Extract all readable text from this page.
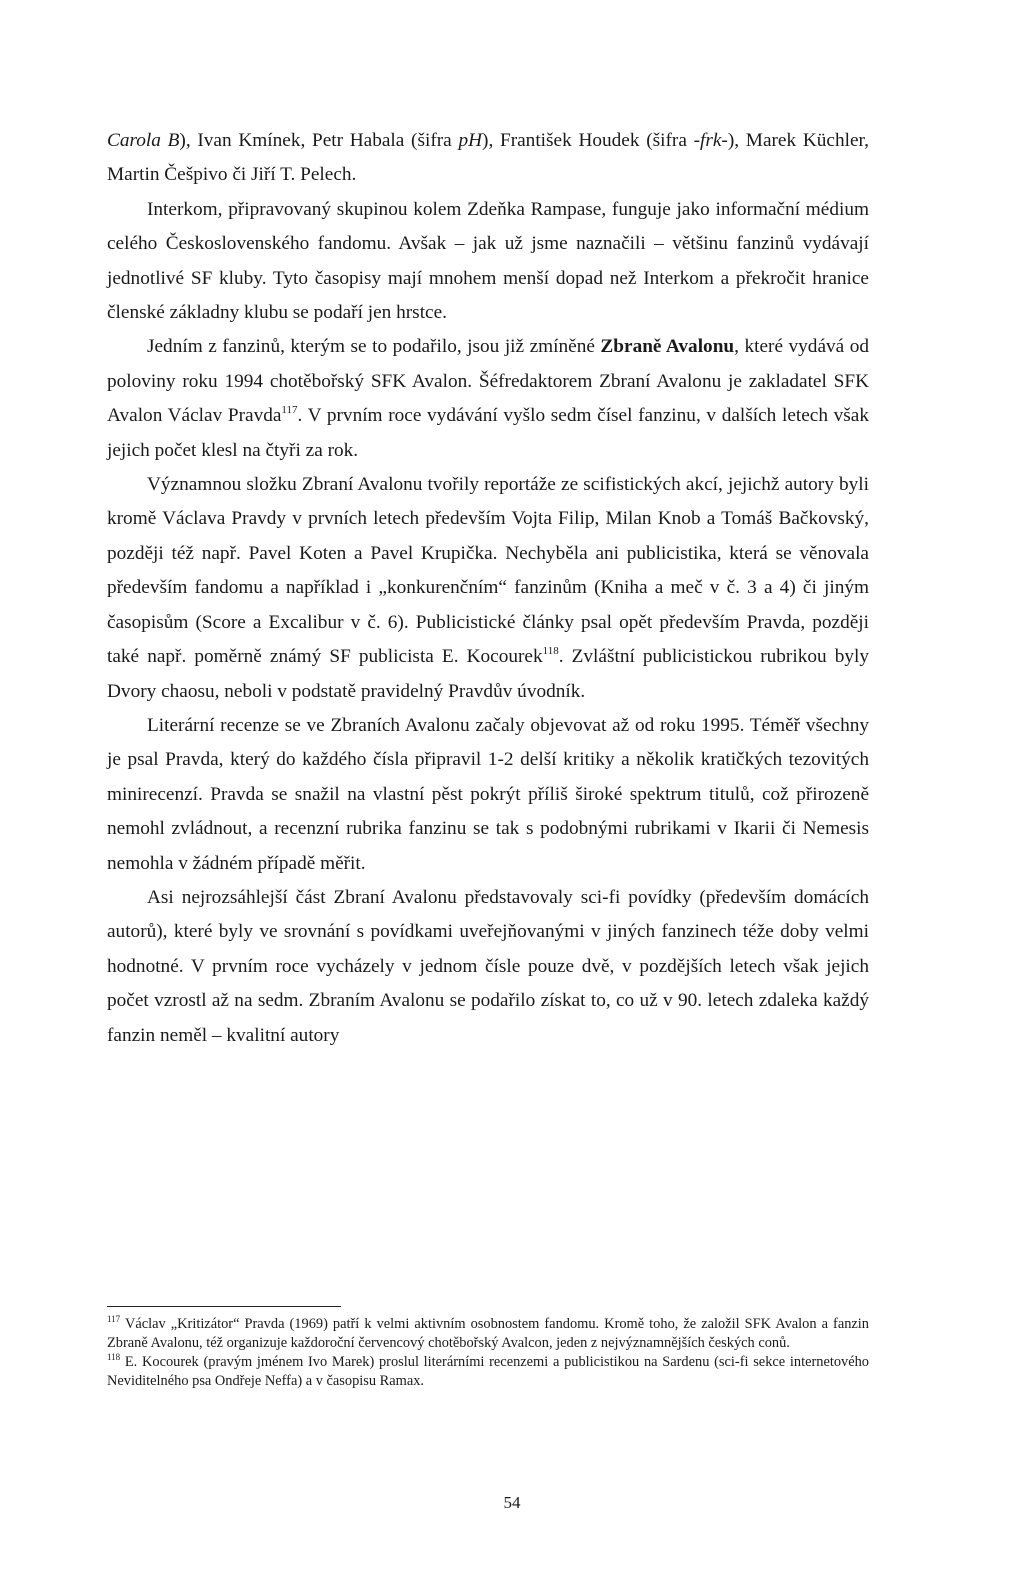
Carola B), Ivan Kmínek, Petr Habala (šifra pH), František Houdek (šifra -frk-), Marek Küchler, Martin Češpivo či Jiří T. Pelech.

Interkom, připravovaný skupinou kolem Zdeňka Rampase, funguje jako informační médium celého Československého fandomu. Avšak – jak už jsme naznačili – většinu fanzinů vydávají jednotlivé SF kluby. Tyto časopisy mají mnohem menší dopad než Interkom a překročit hranice členské základny klubu se podaří jen hrstce.

Jedním z fanzinů, kterým se to podařilo, jsou již zmíněné Zbraně Avalonu, které vydává od poloviny roku 1994 chotěbořský SFK Avalon. Šéfredaktorem Zbraní Avalonu je zakladatel SFK Avalon Václav Pravda$^{117}$. V prvním roce vydávání vyšlo sedm čísel fanzinu, v dalších letech však jejich počet klesl na čtyři za rok.

Významnou složku Zbraní Avalonu tvořily reportáže ze scifistických akcí, jejichž autory byli kromě Václava Pravdy v prvních letech především Vojta Filip, Milan Knob a Tomáš Bačkovský, později též např. Pavel Koten a Pavel Krupička. Nechyběla ani publicistika, která se věnovala především fandomu a například i „konkurenčním“ fanzinům (Kniha a meč v č. 3 a 4) či jiným časopisům (Score a Excalibur v č. 6). Publicistické články psal opět především Pravda, později také např. poměrně známý SF publicista E. Kocourek$^{118}$. Zvláštní publicistickou rubrikou byly Dvory chaosu, neboli v podstatě pravidelný Pravdův úvodník.

Literární recenze se ve Zbraních Avalonu začaly objevovat až od roku 1995. Téměř všechny je psal Pravda, který do každého čísla připravil 1-2 delší kritiky a několik kratičkých tezovitých minirecenzí. Pravda se snažil na vlastní pěst pokrýt příliš široké spektrum titulů, což přirozeně nemohl zvládnout, a recenzní rubrika fanzinu se tak s podobnými rubrikami v Ikarii či Nemesis nemohla v žádném případě měřit.

Asi nejrozsáhlejší část Zbraní Avalonu představovaly sci-fi povídky (především domácích autorů), které byly ve srovnání s povídkami uveřejňovanými v jiných fanzinech téže doby velmi hodnotné. V prvním roce vycházely v jednom čísle pouze dvě, v pozdějších letech však jejich počet vzrostl až na sedm. Zbraním Avalonu se podařilo získat to, co už v 90. letech zdaleka každý fanzin neměl – kvalitní autory

$^{117}$ Václav „Kritizátor“ Pravda (1969) patří k velmi aktivním osobnostem fandomu. Kromě toho, že založil SFK Avalon a fanzin Zbraně Avalonu, též organizuje každoroční červencový chotěbořský Avalcon, jeden z nejvýznamnějších českých conů.

$^{118}$ E. Kocourek (pravým jménem Ivo Marek) proslul literárními recenzemi a publicistikou na Sardenu (sci-fi sekce internetového Neviditelného psa Ondřeje Neffa) a v časopisu Ramax.

54
